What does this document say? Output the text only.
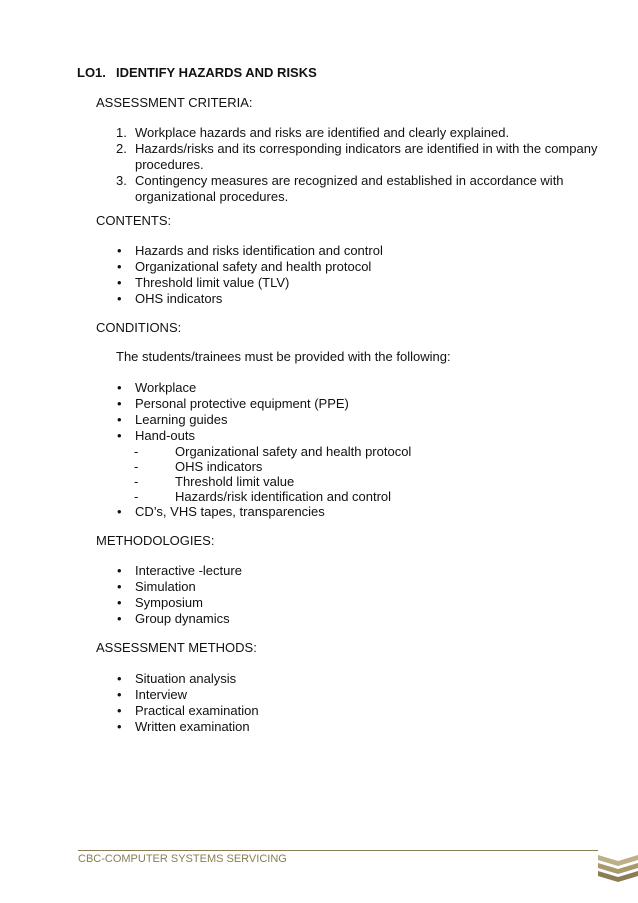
LO1. IDENTIFY HAZARDS AND RISKS
ASSESSMENT CRITERIA:
1. Workplace hazards and risks are identified and clearly explained.
2. Hazards/risks and its corresponding indicators are identified in with the company procedures.
3. Contingency measures are recognized and established in accordance with organizational procedures.
CONTENTS:
•	Hazards and risks identification and control
•	Organizational safety and health protocol
•	Threshold limit value (TLV)
•	OHS indicators
CONDITIONS:
The students/trainees must be provided with the following:
•	Workplace
•	Personal protective equipment (PPE)
•	Learning guides
•	Hand-outs
-	Organizational safety and health protocol
-	OHS indicators
-	Threshold limit value
-	Hazards/risk identification and control
•	CD’s, VHS tapes, transparencies
METHODOLOGIES:
•	Interactive -lecture
•	Simulation
•	Symposium
•	Group dynamics
ASSESSMENT METHODS:
•	Situation analysis
•	Interview
•	Practical examination
•	Written examination
CBC-COMPUTER SYSTEMS SERVICING
